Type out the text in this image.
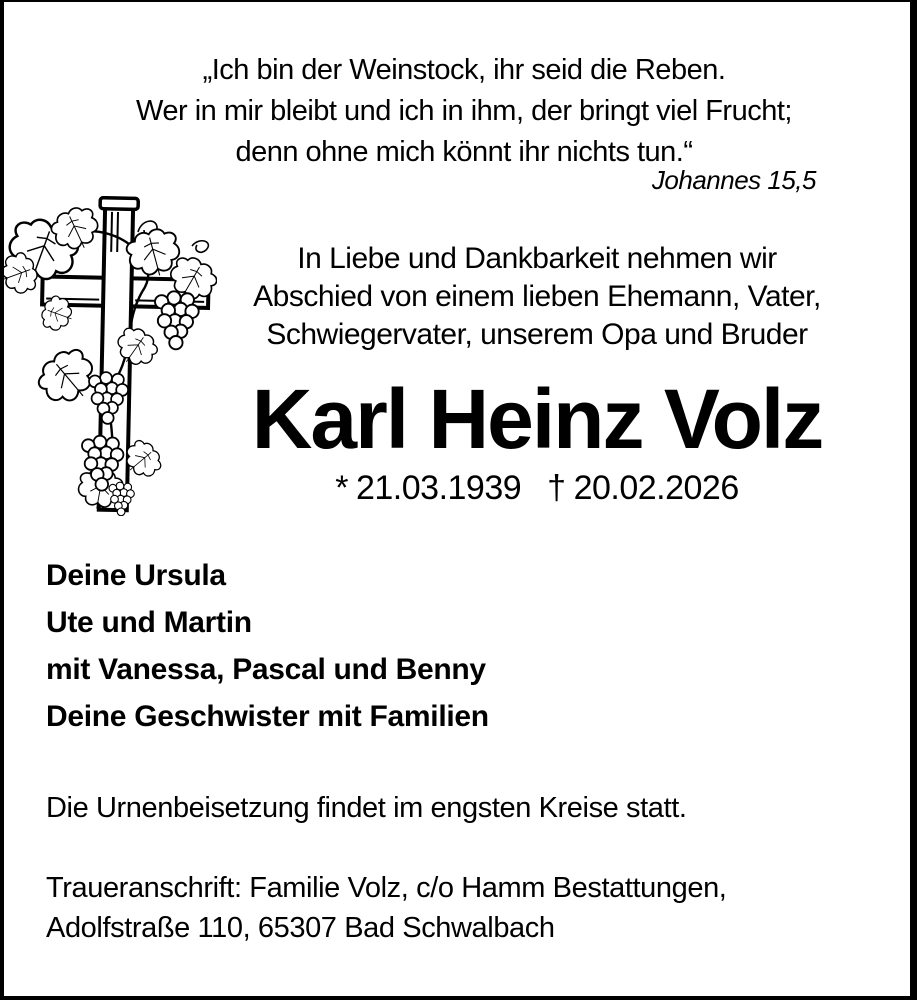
„Ich bin der Weinstock, ihr seid die Reben.
Wer in mir bleibt und ich in ihm, der bringt viel Frucht;
denn ohne mich könnt ihr nichts tun.“
Johannes 15,5
In Liebe und Dankbarkeit nehmen wir
Abschied von einem lieben Ehemann, Vater,
Schwiegervater, unserem Opa und Bruder
Karl Heinz Volz
* 21.03.1939 † 20.02.2026
Deine Ursula
Ute und Martin
mit Vanessa, Pascal und Benny
Deine Geschwister mit Familien
Die Urnenbeisetzung findet im engsten Kreise statt.
Traueranschrift: Familie Volz, c/o Hamm Bestattungen,
Adolfstraße 110, 65307 Bad Schwalbach
